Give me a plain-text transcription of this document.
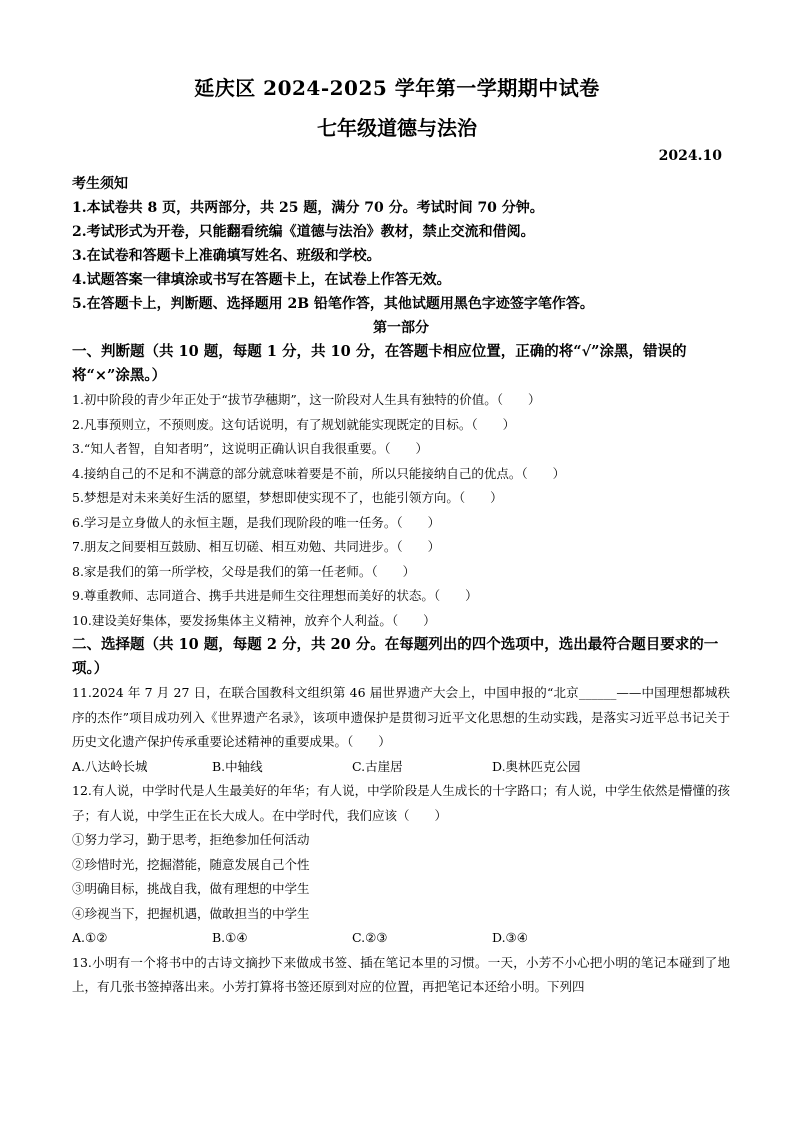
延庆区 2024-2025 学年第一学期期中试卷
七年级道德与法治
2024.10
考生须知
1.本试卷共 8 页，共两部分，共 25 题，满分 70 分。考试时间 70 分钟。
2.考试形式为开卷，只能翻看统编《道德与法治》教材，禁止交流和借阅。
3.在试卷和答题卡上准确填写姓名、班级和学校。
4.试题答案一律填涂或书写在答题卡上，在试卷上作答无效。
5.在答题卡上，判断题、选择题用 2B 铅笔作答，其他试题用黑色字迹签字笔作答。
第一部分
一、判断题（共 10 题，每题 1 分，共 10 分，在答题卡相应位置，正确的将“√”涂黑，错误的将“×”涂黑。）
1.初中阶段的青少年正处于“拔节孕穗期”，这一阶段对人生具有独特的价值。（　　）
2.凡事预则立，不预则废。这句话说明，有了规划就能实现既定的目标。（　　）
3.“知人者智，自知者明”，这说明正确认识自我很重要。（　　）
4.接纳自己的不足和不满意的部分就意味着要是不前，所以只能接纳自己的优点。（　　）
5.梦想是对未来美好生活的愿望，梦想即使实现不了，也能引领方向。（　　）
6.学习是立身做人的永恒主题，是我们现阶段的唯一任务。（　　）
7.朋友之间要相互鼓励、相互切磋、相互劝勉、共同进步。（　　）
8.家是我们的第一所学校，父母是我们的第一任老师。（　　）
9.尊重教师、志同道合、携手共进是师生交往理想而美好的状态。（　　）
10.建设美好集体，要发扬集体主义精神，放弃个人利益。（　　）
二、选择题（共 10 题，每题 2 分，共 20 分。在每题列出的四个选项中，选出最符合题目要求的一项。）
11.2024 年 7 月 27 日，在联合国教科文组织第 46 届世界遗产大会上，中国申报的“北京______——中国理想都城秩序的杰作”项目成功列入《世界遗产名录》，该项申遗保护是贯彻习近平文化思想的生动实践，是落实习近平总书记关于历史文化遗产保护传承重要论述精神的重要成果。（　　）
A.八达岭长城	B.中轴线	C.古崖居	D.奥林匹克公园
12.有人说，中学时代是人生最美好的年华；有人说，中学阶段是人生成长的十字路口；有人说，中学生依然是懵懂的孩子；有人说，中学生正在长大成人。在中学时代，我们应该（　　）
①努力学习，勤于思考，拒绝参加任何活动
②珍惜时光，挖掘潜能，随意发展自己个性
③明确目标，挑战自我，做有理想的中学生
④珍视当下，把握机遇，做敢担当的中学生
A.①②	B.①④	C.②③	D.③④
13.小明有一个将书中的古诗文摘抄下来做成书签、插在笔记本里的习惯。一天，小芳不小心把小明的笔记本碰到了地上，有几张书签掉落出来。小芳打算将书签还原到对应的位置，再把笔记本还给小明。下列四
